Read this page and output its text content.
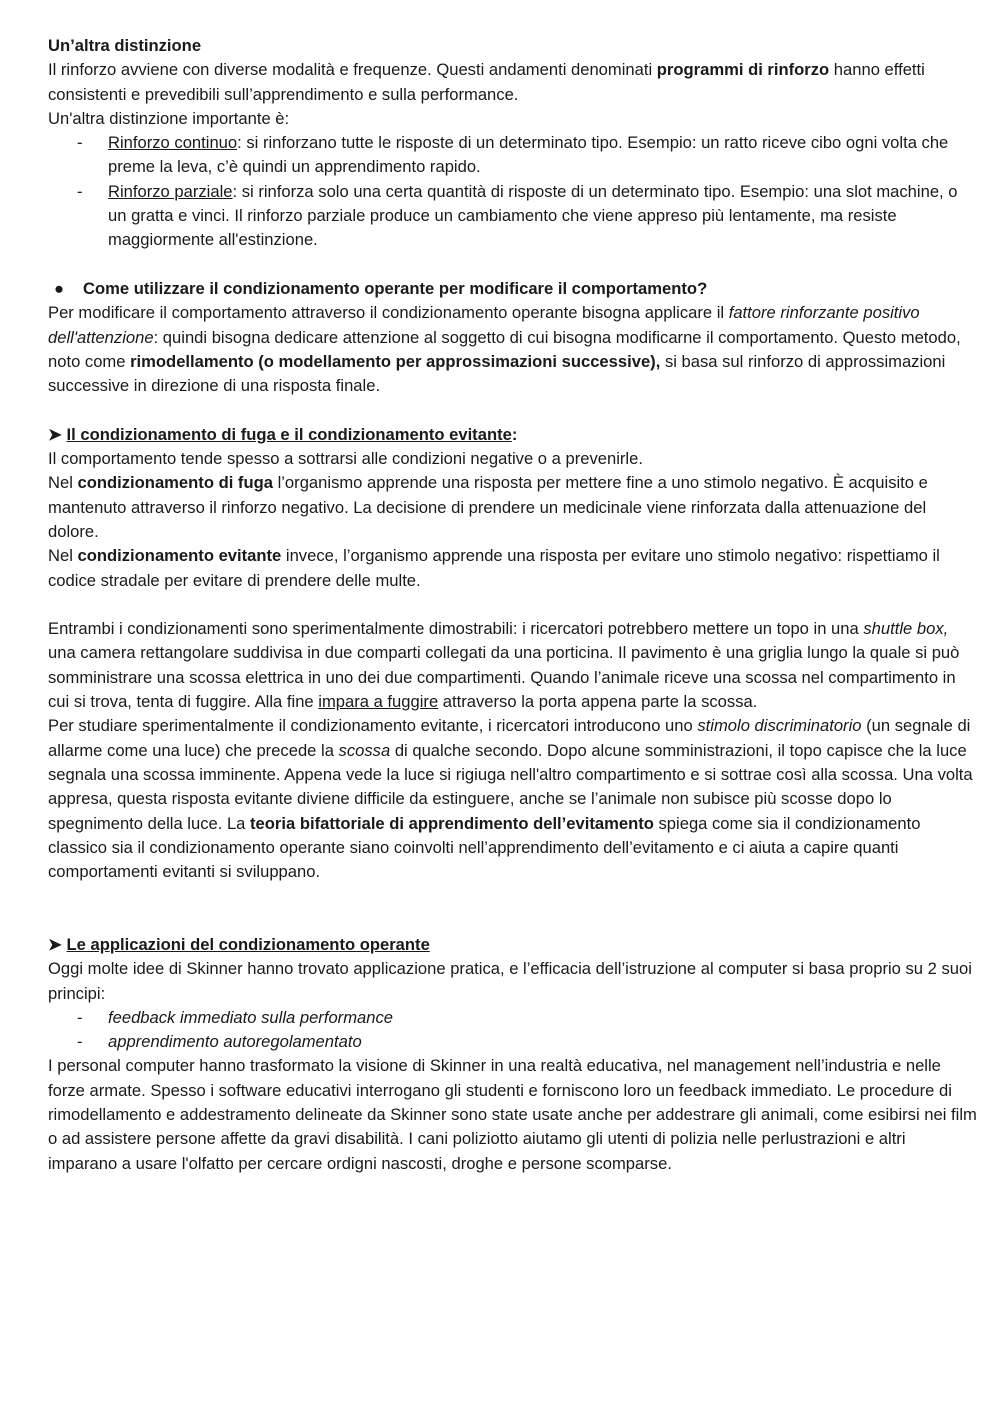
Un’altra distinzione

Il rinforzo avviene con diverse modalità e frequenze. Questi andamenti denominati programmi di rinforzo hanno effetti consistenti e prevedibili sull’apprendimento e sulla performance.

Un'altra distinzione importante è:

- Rinforzo continuo: si rinforzano tutte le risposte di un determinato tipo. Esempio: un ratto riceve cibo ogni volta che preme la leva, c’è quindi un apprendimento rapido.

- Rinforzo parziale: si rinforza solo una certa quantità di risposte di un determinato tipo. Esempio: una slot machine, o un gratta e vinci. Il rinforzo parziale produce un cambiamento che viene appreso più lentamente, ma resiste maggiormente all'estinzione.

● Come utilizzare il condizionamento operante per modificare il comportamento?

Per modificare il comportamento attraverso il condizionamento operante bisogna applicare il fattore rinforzante positivo dell'attenzione: quindi bisogna dedicare attenzione al soggetto di cui bisogna modificarne il comportamento. Questo metodo, noto come rimodellamento (o modellamento per approssimazioni successive), si basa sul rinforzo di approssimazioni successive in direzione di una risposta finale.

➤ Il condizionamento di fuga e il condizionamento evitante:

Il comportamento tende spesso a sottrarsi alle condizioni negative o a prevenirle.

Nel condizionamento di fuga l’organismo apprende una risposta per mettere fine a uno stimolo negativo. È acquisito e mantenuto attraverso il rinforzo negativo. La decisione di prendere un medicinale viene rinforzata dalla attenuazione del dolore.

Nel condizionamento evitante invece, l’organismo apprende una risposta per evitare uno stimolo negativo: rispettiamo il codice stradale per evitare di prendere delle multe.

Entrambi i condizionamenti sono sperimentalmente dimostrabili: i ricercatori potrebbero mettere un topo in una shuttle box, una camera rettangolare suddivisa in due comparti collegati da una porticina. Il pavimento è una griglia lungo la quale si può somministrare una scossa elettrica in uno dei due compartimenti. Quando l’animale riceve una scossa nel compartimento in cui si trova, tenta di fuggire. Alla fine impara a fuggire attraverso la porta appena parte la scossa.

Per studiare sperimentalmente il condizionamento evitante, i ricercatori introducono uno stimolo discriminatorio (un segnale di allarme come una luce) che precede la scossa di qualche secondo. Dopo alcune somministrazioni, il topo capisce che la luce segnala una scossa imminente. Appena vede la luce si rigiuga nell'altro compartimento e si sottrae così alla scossa. Una volta appresa, questa risposta evitante diviene difficile da estinguere, anche se l’animale non subisce più scosse dopo lo spegnimento della luce. La teoria bifattoriale di apprendimento dell’evitamento spiega come sia il condizionamento classico sia il condizionamento operante siano coinvolti nell’apprendimento dell’evitamento e ci aiuta a capire quanti comportamenti evitanti si sviluppano.

➤ Le applicazioni del condizionamento operante

Oggi molte idee di Skinner hanno trovato applicazione pratica, e l’efficacia dell’istruzione al computer si basa proprio su 2 suoi principi:

- feedback immediato sulla performance

- apprendimento autoregolamentato

I personal computer hanno trasformato la visione di Skinner in una realtà educativa, nel management nell’industria e nelle forze armate. Spesso i software educativi interrogano gli studenti e forniscono loro un feedback immediato. Le procedure di rimodellamento e addestramento delineate da Skinner sono state usate anche per addestrare gli animali, come esibirsi nei film o ad assistere persone affette da gravi disabilità. I cani poliziotto aiutamo gli utenti di polizia nelle perlustrazioni e altri imparano a usare l'olfatto per cercare ordigni nascosti, droghe e persone scomparse.
